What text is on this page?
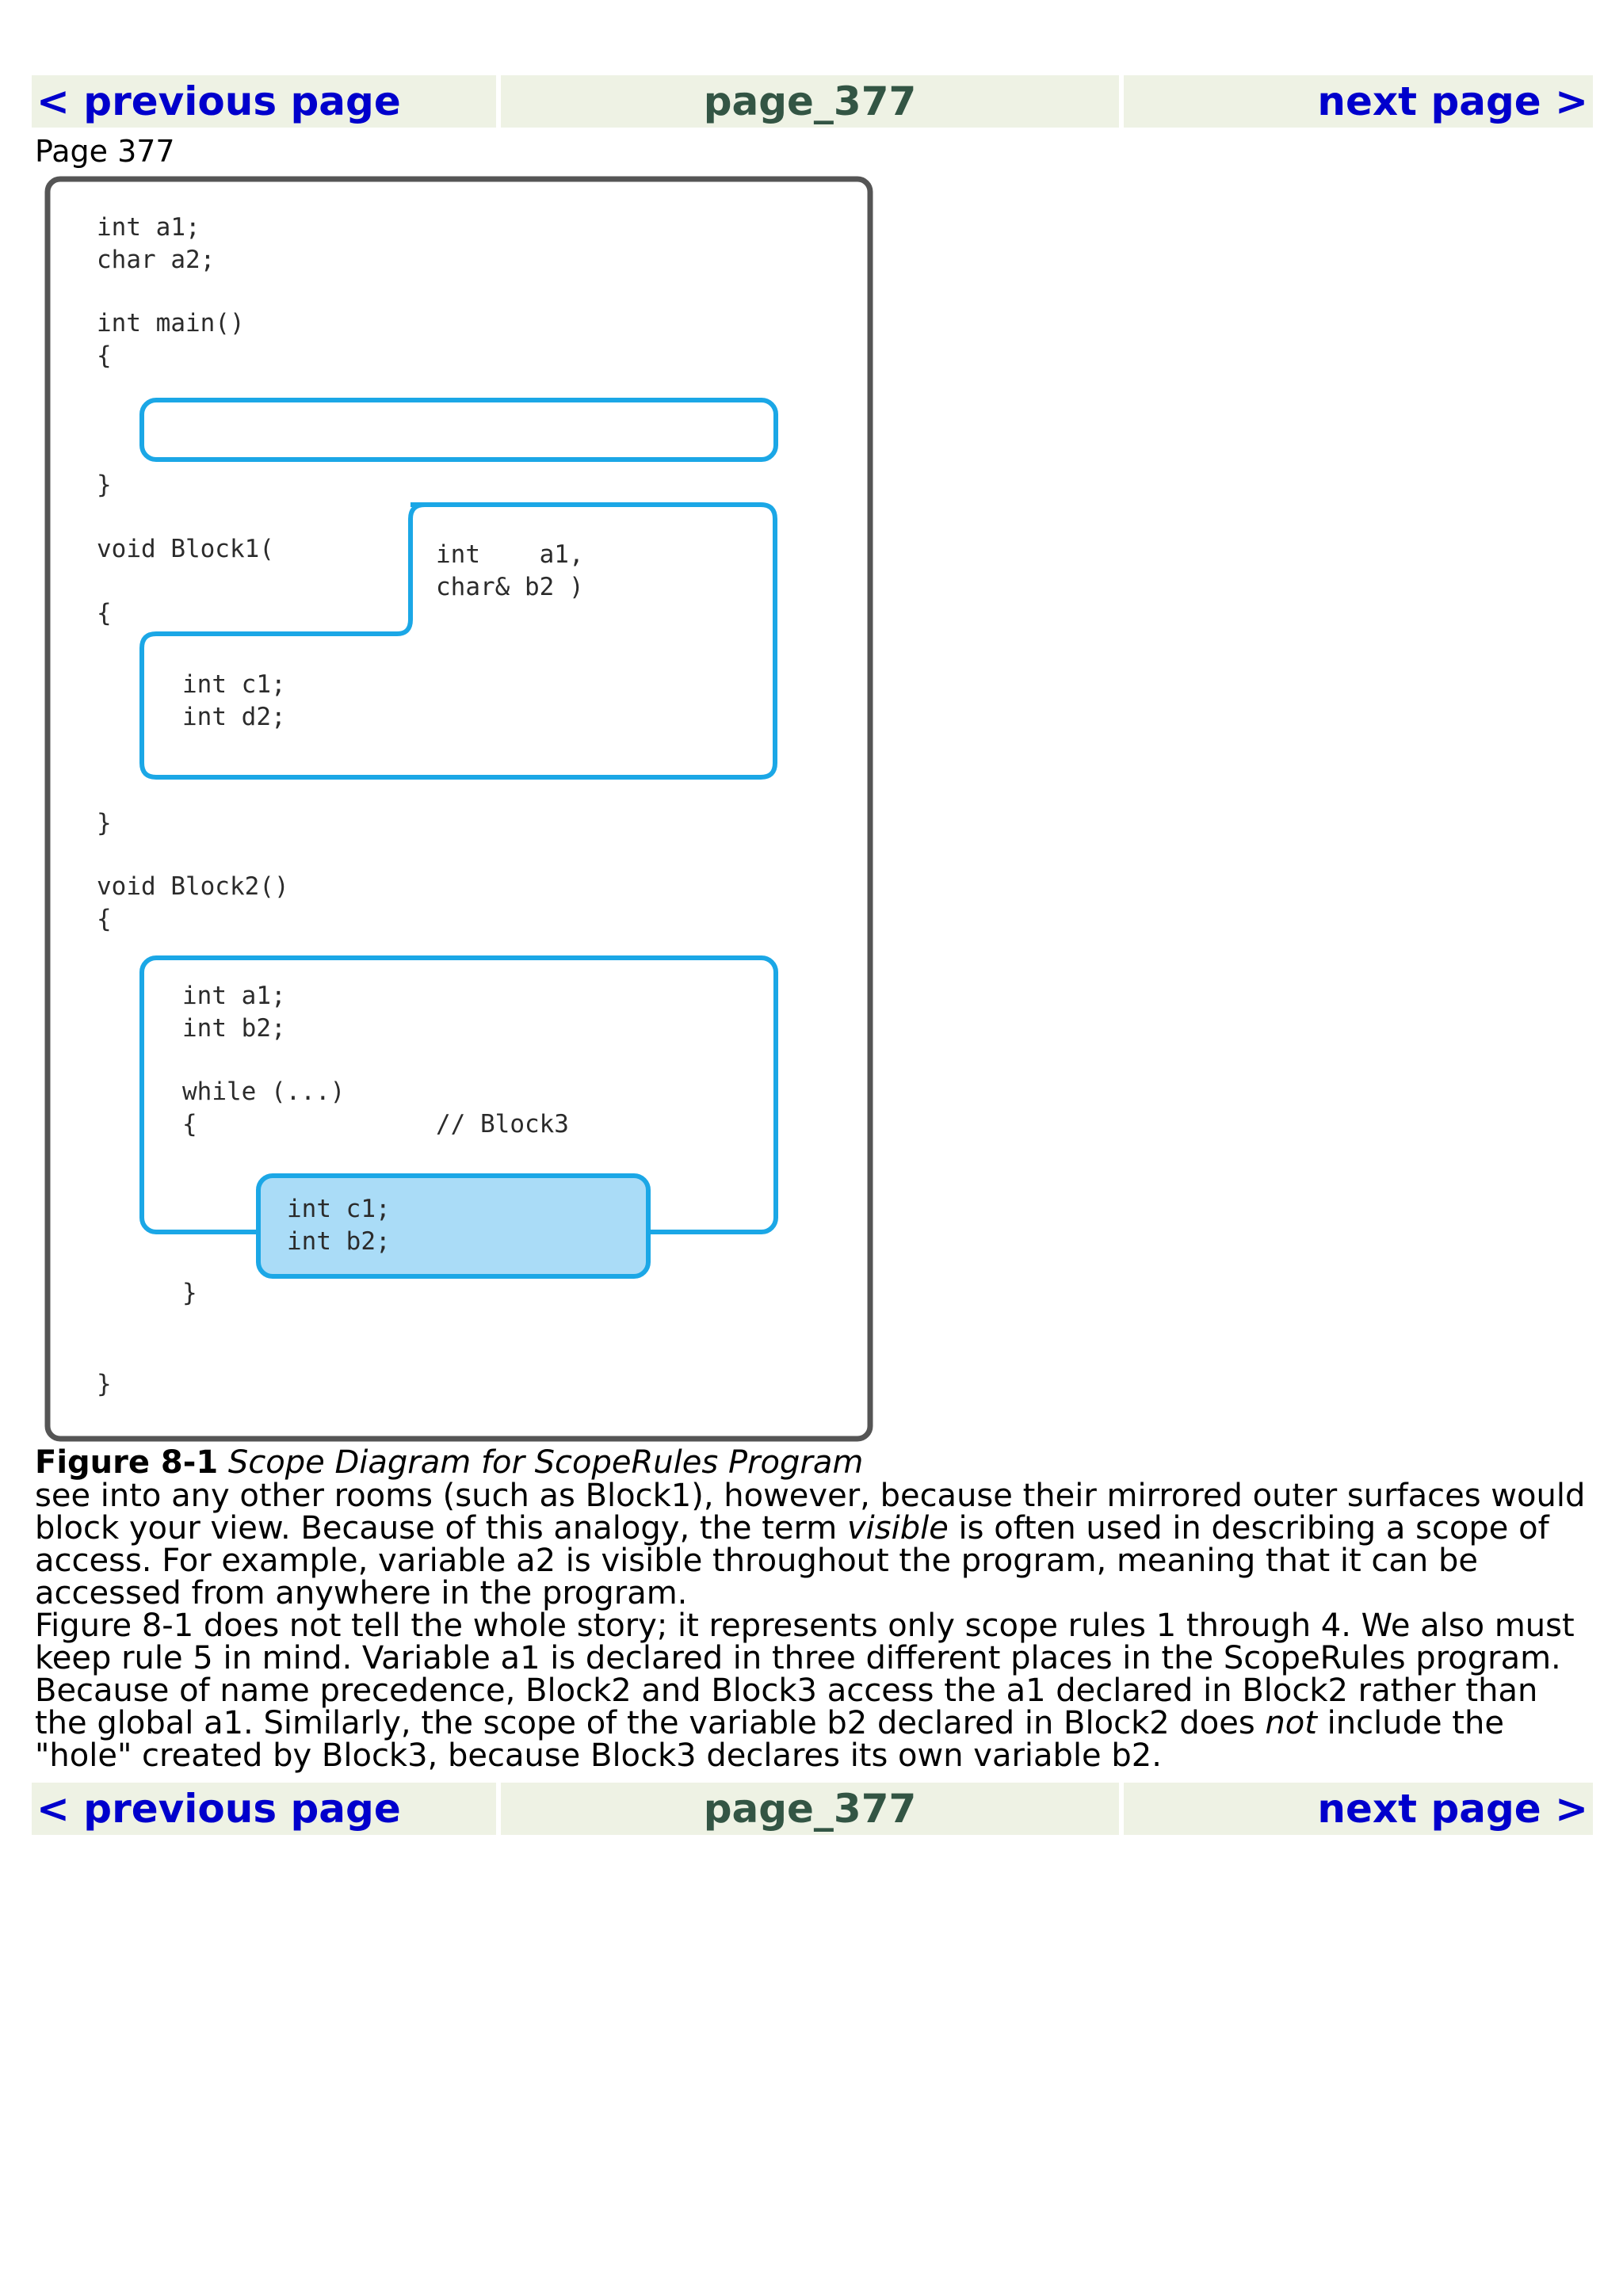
< previous page	page_377	next page >
Page 377
int a1;
char a2;
int main()
{
}
void Block1(
{
int    a1,
char& b2 )
int c1;
int d2;
}
void Block2()
{
int a1;
int b2;
while (...)
{	// Block3
int c1;
int b2;
}
}
Figure 8-1 Scope Diagram for ScopeRules Program
see into any other rooms (such as Block1), however, because their mirrored outer surfaces would block your view. Because of this analogy, the term visible is often used in describing a scope of access. For example, variable a2 is visible throughout the program, meaning that it can be accessed from anywhere in the program.
Figure 8-1 does not tell the whole story; it represents only scope rules 1 through 4. We also must keep rule 5 in mind. Variable a1 is declared in three different places in the ScopeRules program. Because of name precedence, Block2 and Block3 access the a1 declared in Block2 rather than the global a1. Similarly, the scope of the variable b2 declared in Block2 does not include the "hole" created by Block3, because Block3 declares its own variable b2.
< previous page	page_377	next page >
